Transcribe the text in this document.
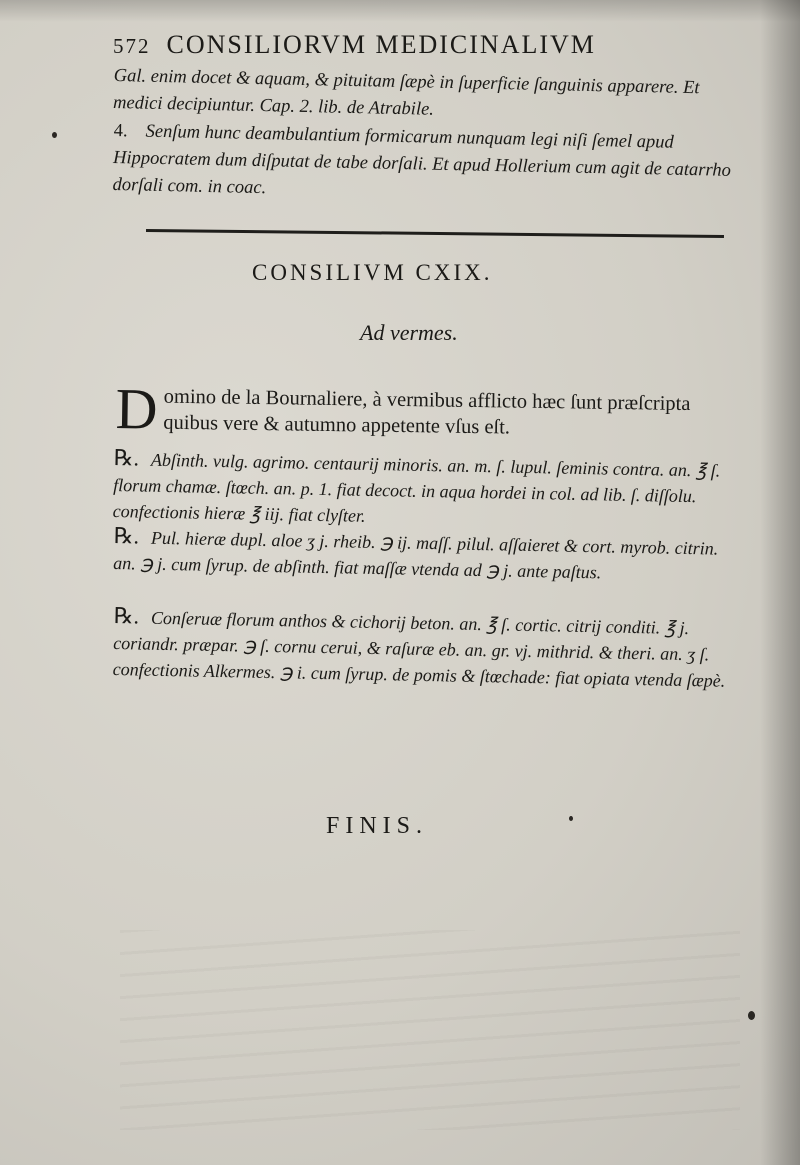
572 CONSILIORVM MEDICINALIVM

Gal. enim docet & aquam, & pituitam ſæpè in ſuperficie ſanguinis apparere. Et medici decipiuntur. Cap. 2. lib. de Atrabile.

4. Senſum hunc deambulantium formicarum nunquam legi niſi ſemel apud Hippocratem dum diſputat de tabe dorſali. Et apud Hollerium cum agit de catarrho dorſali com. in coac.

CONSILIVM CXIX.
Ad vermes.
Domino de la Bournaliere, à vermibus afflicto hæc ſunt præſcripta quibus vere & autumno appetente vſus eſt.

℞. Abſinth. vulg. agrimo. centaurij minoris. an. m. ſ. lupul. ſeminis contra. an. ℥ ſ. florum chamæ. ſtœch. an. p. 1. fiat decoct. in aqua hordei in col. ad lib. ſ. diſſolu. confectionis hieræ ℥ iij. fiat clyſter.

℞. Pul. hieræ dupl. aloe ʒ j. rheib. ℈ ij. maſſ. pilul. aſſaieret & cort. myrob. citrin. an. ℈ j. cum ſyrup. de abſinth. fiat maſſæ vtenda ad ℈ j. ante paſtus.

℞. Conſeruæ florum anthos & cichorij beton. an. ℥ ſ. cortic. citrij conditi. ℥ j. coriandr. præpar. ℈ ſ. cornu cerui, & raſuræ eb. an. gr. vj. mithrid. & theri. an. ʒ ſ. confectionis Alkermes. ℈ i. cum ſyrup. de pomis & ſtœchade: fiat opiata vtenda ſæpè.

FINIS.
